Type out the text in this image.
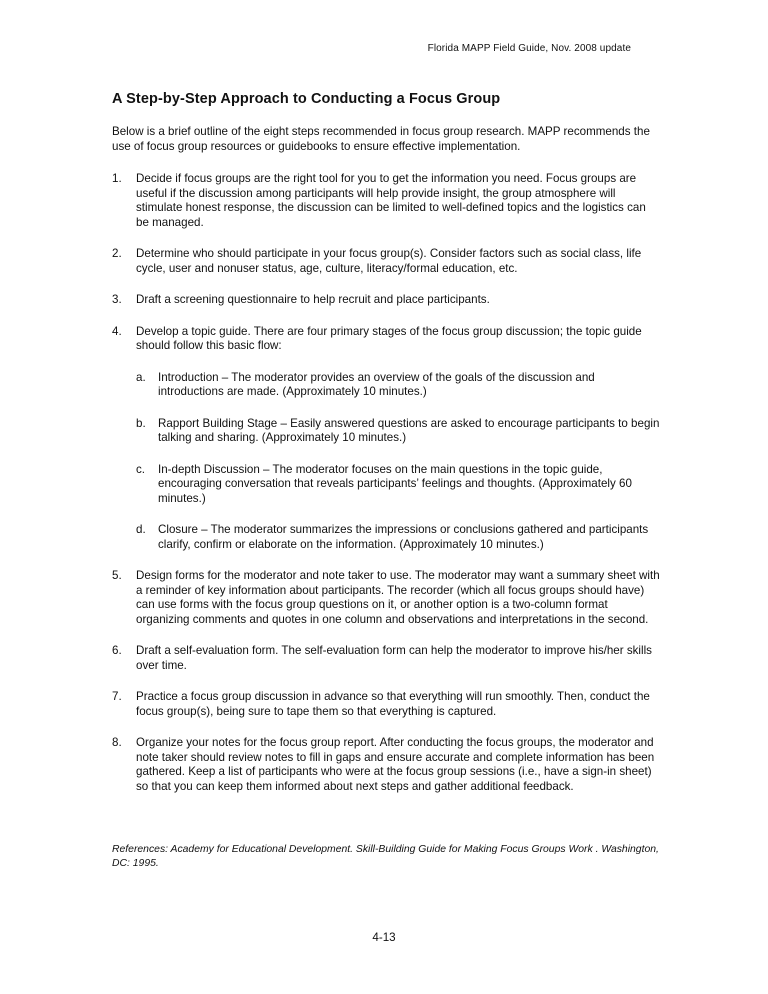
Florida MAPP Field Guide, Nov. 2008 update
A Step-by-Step Approach to Conducting a Focus Group

Below is a brief outline of the eight steps recommended in focus group research. MAPP recommends the use of focus group resources or guidebooks to ensure effective implementation.

1. Decide if focus groups are the right tool for you to get the information you need. Focus groups are useful if the discussion among participants will help provide insight, the group atmosphere will stimulate honest response, the discussion can be limited to well-defined topics and the logistics can be managed.
2. Determine who should participate in your focus group(s). Consider factors such as social class, life cycle, user and nonuser status, age, culture, literacy/formal education, etc.
3. Draft a screening questionnaire to help recruit and place participants.
4. Develop a topic guide. There are four primary stages of the focus group discussion; the topic guide should follow this basic flow:
a. Introduction – The moderator provides an overview of the goals of the discussion and introductions are made. (Approximately 10 minutes.)
b. Rapport Building Stage – Easily answered questions are asked to encourage participants to begin talking and sharing. (Approximately 10 minutes.)
c. In-depth Discussion – The moderator focuses on the main questions in the topic guide, encouraging conversation that reveals participants’ feelings and thoughts. (Approximately 60 minutes.)
d. Closure – The moderator summarizes the impressions or conclusions gathered and participants clarify, confirm or elaborate on the information. (Approximately 10 minutes.)
5. Design forms for the moderator and note taker to use. The moderator may want a summary sheet with a reminder of key information about participants. The recorder (which all focus groups should have) can use forms with the focus group questions on it, or another option is a two-column format organizing comments and quotes in one column and observations and interpretations in the second.
6. Draft a self-evaluation form. The self-evaluation form can help the moderator to improve his/her skills over time.
7. Practice a focus group discussion in advance so that everything will run smoothly. Then, conduct the focus group(s), being sure to tape them so that everything is captured.
8. Organize your notes for the focus group report. After conducting the focus groups, the moderator and note taker should review notes to fill in gaps and ensure accurate and complete information has been gathered. Keep a list of participants who were at the focus group sessions (i.e., have a sign-in sheet) so that you can keep them informed about next steps and gather additional feedback.

References: Academy for Educational Development. Skill-Building Guide for Making Focus Groups Work . Washington, DC: 1995.

4-13
